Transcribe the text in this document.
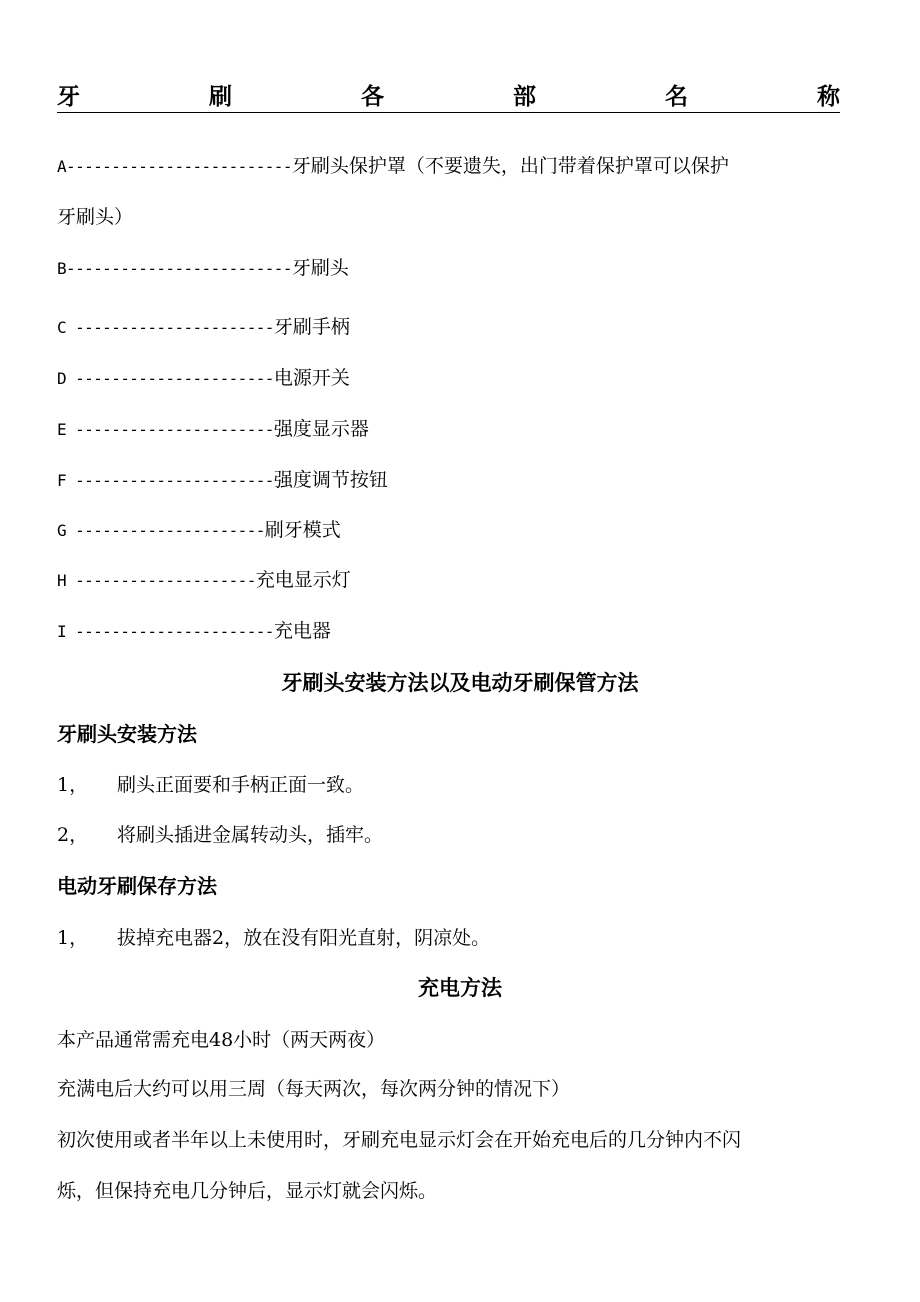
牙	刷	各	部	名	称
A-------------------------牙刷头保护罩（不要遗失，出门带着保护罩可以保护
牙刷头）
B-------------------------牙刷头
C ----------------------牙刷手柄
D ----------------------电源开关
E ----------------------强度显示器
F ----------------------强度调节按钮
G ---------------------刷牙模式
H --------------------充电显示灯
I ----------------------充电器
牙刷头安装方法以及电动牙刷保管方法
牙刷头安装方法
1， 刷头正面要和手柄正面一致。
2， 将刷头插进金属转动头，插牢。
电动牙刷保存方法
1， 拔掉充电器2，放在没有阳光直射，阴凉处。
充电方法
本产品通常需充电48小时（两天两夜）
充满电后大约可以用三周（每天两次，每次两分钟的情况下）
初次使用或者半年以上未使用时，牙刷充电显示灯会在开始充电后的几分钟内不闪
烁，但保持充电几分钟后，显示灯就会闪烁。
